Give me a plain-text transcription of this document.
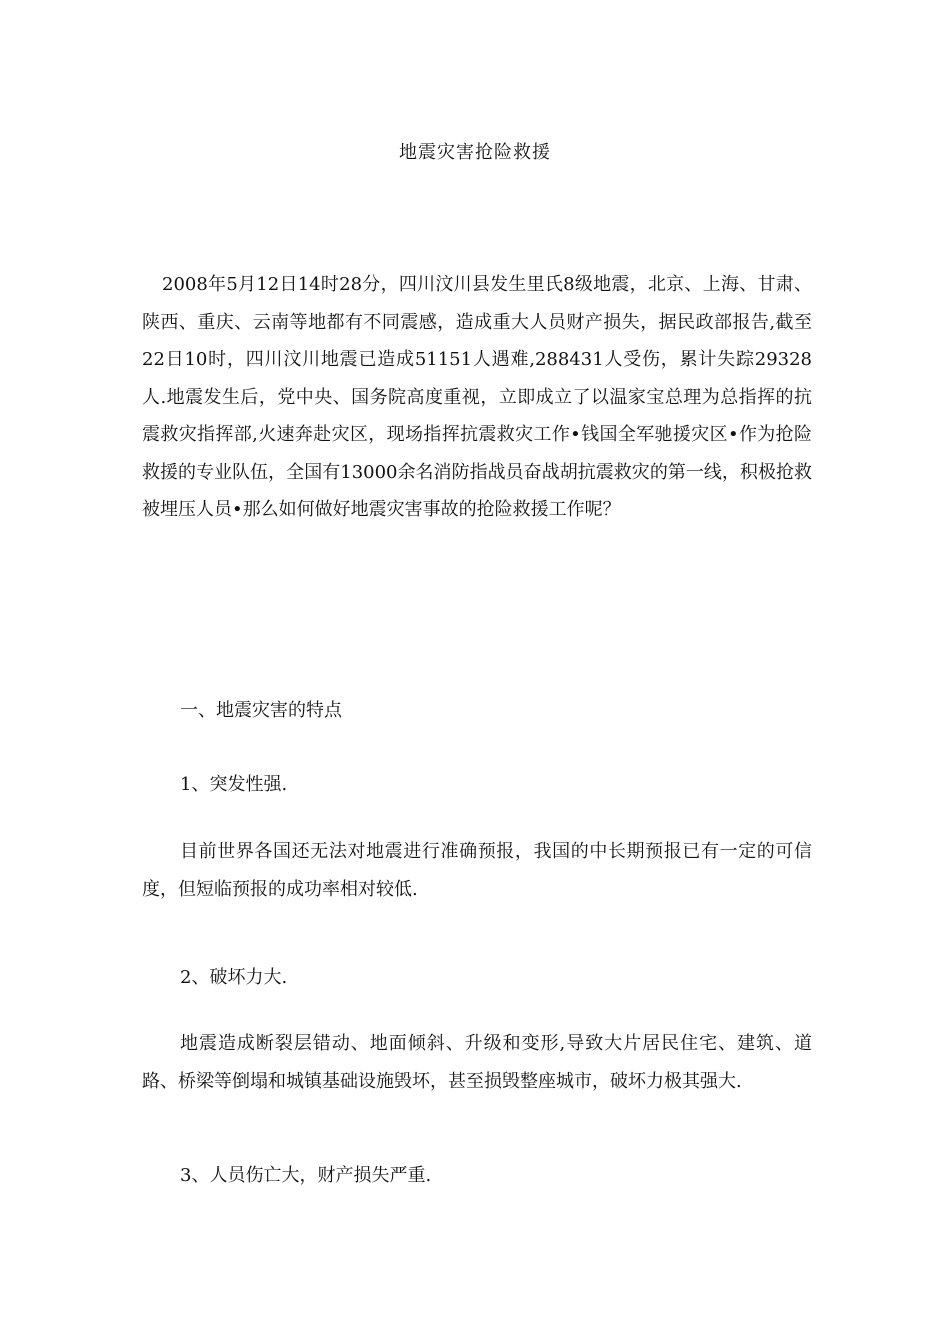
地震灾害抢险救援

2008年5月12日14时28分，四川汶川县发生里氏8级地震，北京、上海、甘肃、陕西、重庆、云南等地都有不同震感，造成重大人员财产损失，据民政部报告,截至22日10时，四川汶川地震已造成51151人遇难,288431人受伤，累计失踪29328人.地震发生后，党中央、国务院高度重视，立即成立了以温家宝总理为总指挥的抗震救灾指挥部,火速奔赴灾区，现场指挥抗震救灾工作•钱国全军驰援灾区•作为抢险救援的专业队伍，全国有13000余名消防指战员奋战胡抗震救灾的第一线，积极抢救被埋压人员•那么如何做好地震灾害事故的抢险救援工作呢？

一、地震灾害的特点

1、突发性强.

目前世界各国还无法对地震进行准确预报，我国的中长期预报已有一定的可信度，但短临预报的成功率相对较低.

2、破坏力大.

地震造成断裂层错动、地面倾斜、升级和变形,导致大片居民住宅、建筑、道路、桥梁等倒塌和城镇基础设施毁坏，甚至损毁整座城市，破坏力极其强大.

3、人员伤亡大，财产损失严重.
